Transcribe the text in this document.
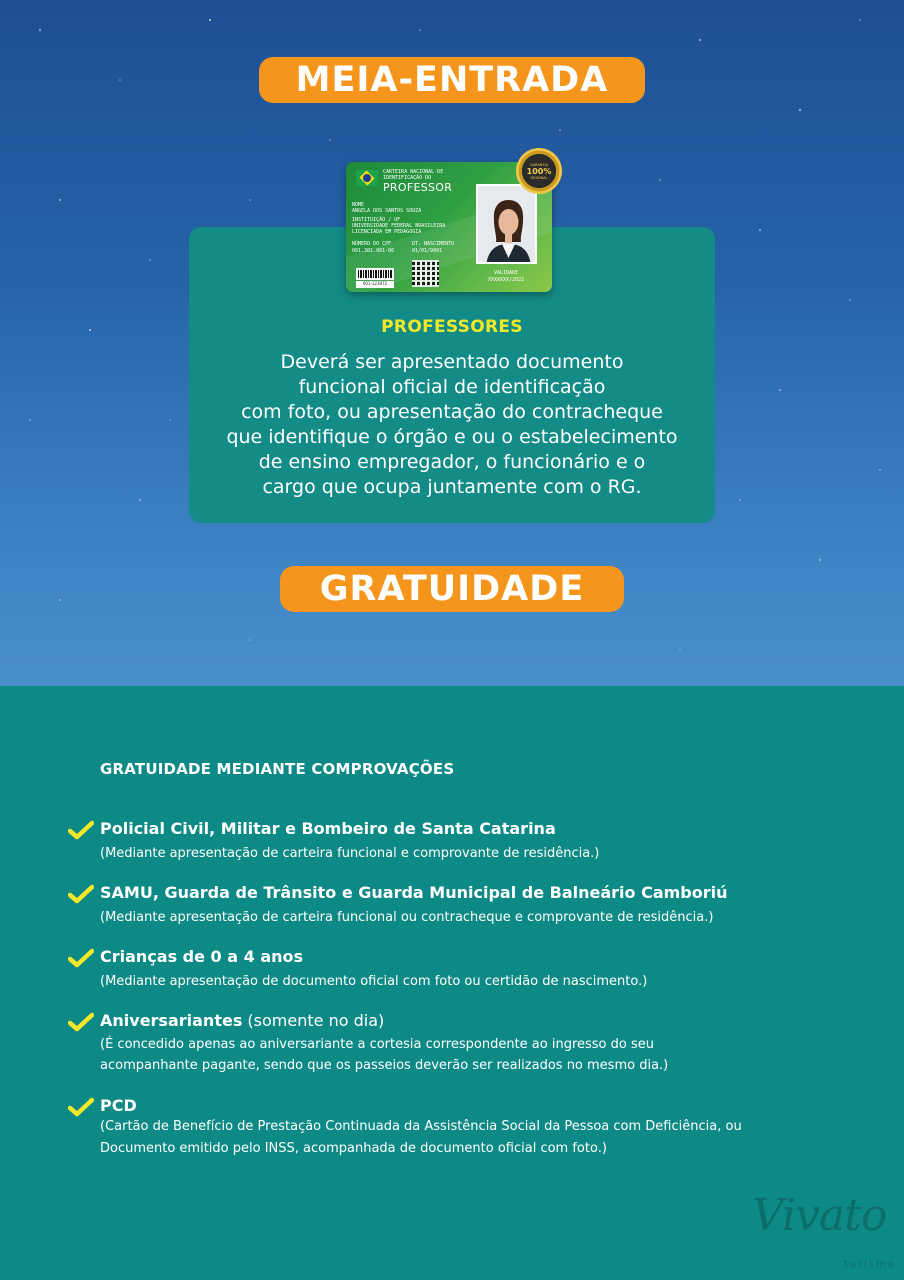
MEIA-ENTRADA
CARTEIRA NACIONAL DE IDENTIFICAÇÃO DO
PROFESSOR
NOME
ANGELA DOS SANTOS SOUZA
INSTITUIÇÃO / UF
UNIVERSIDADE FEDERAL BRASILEIRA
LICENCIADA EM PEDAGOGIA
NÚMERO DO CPF
001.301.001-06
DT. NASCIMENTO
01/01/9001
001-123972
VALIDADE
XXXXXXX/2022
GARANTIA
100%
ORIGINAL
PROFESSORES
Deverá ser apresentado documento
funcional oficial de identificação
com foto, ou apresentação do contracheque
que identifique o órgão e ou o estabelecimento
de ensino empregador, o funcionário e o
cargo que ocupa juntamente com o RG.
GRATUIDADE
GRATUIDADE MEDIANTE COMPROVAÇÕES
Policial Civil, Militar e Bombeiro de Santa Catarina
(Mediante apresentação de carteira funcional e comprovante de residência.)
SAMU, Guarda de Trânsito e Guarda Municipal de Balneário Camboriú
(Mediante apresentação de carteira funcional ou contracheque e comprovante de residência.)
Crianças de 0 a 4 anos
(Mediante apresentação de documento oficial com foto ou certidão de nascimento.)
Aniversariantes (somente no dia)
(É concedido apenas ao aniversariante a cortesia correspondente ao ingresso do seu
acompanhante pagante, sendo que os passeios deverão ser realizados no mesmo dia.)
PCD
(Cartão de Benefício de Prestação Continuada da Assistência Social da Pessoa com Deficiência, ou
Documento emitido pelo INSS, acompanhada de documento oficial com foto.)
Vivato
turismo
